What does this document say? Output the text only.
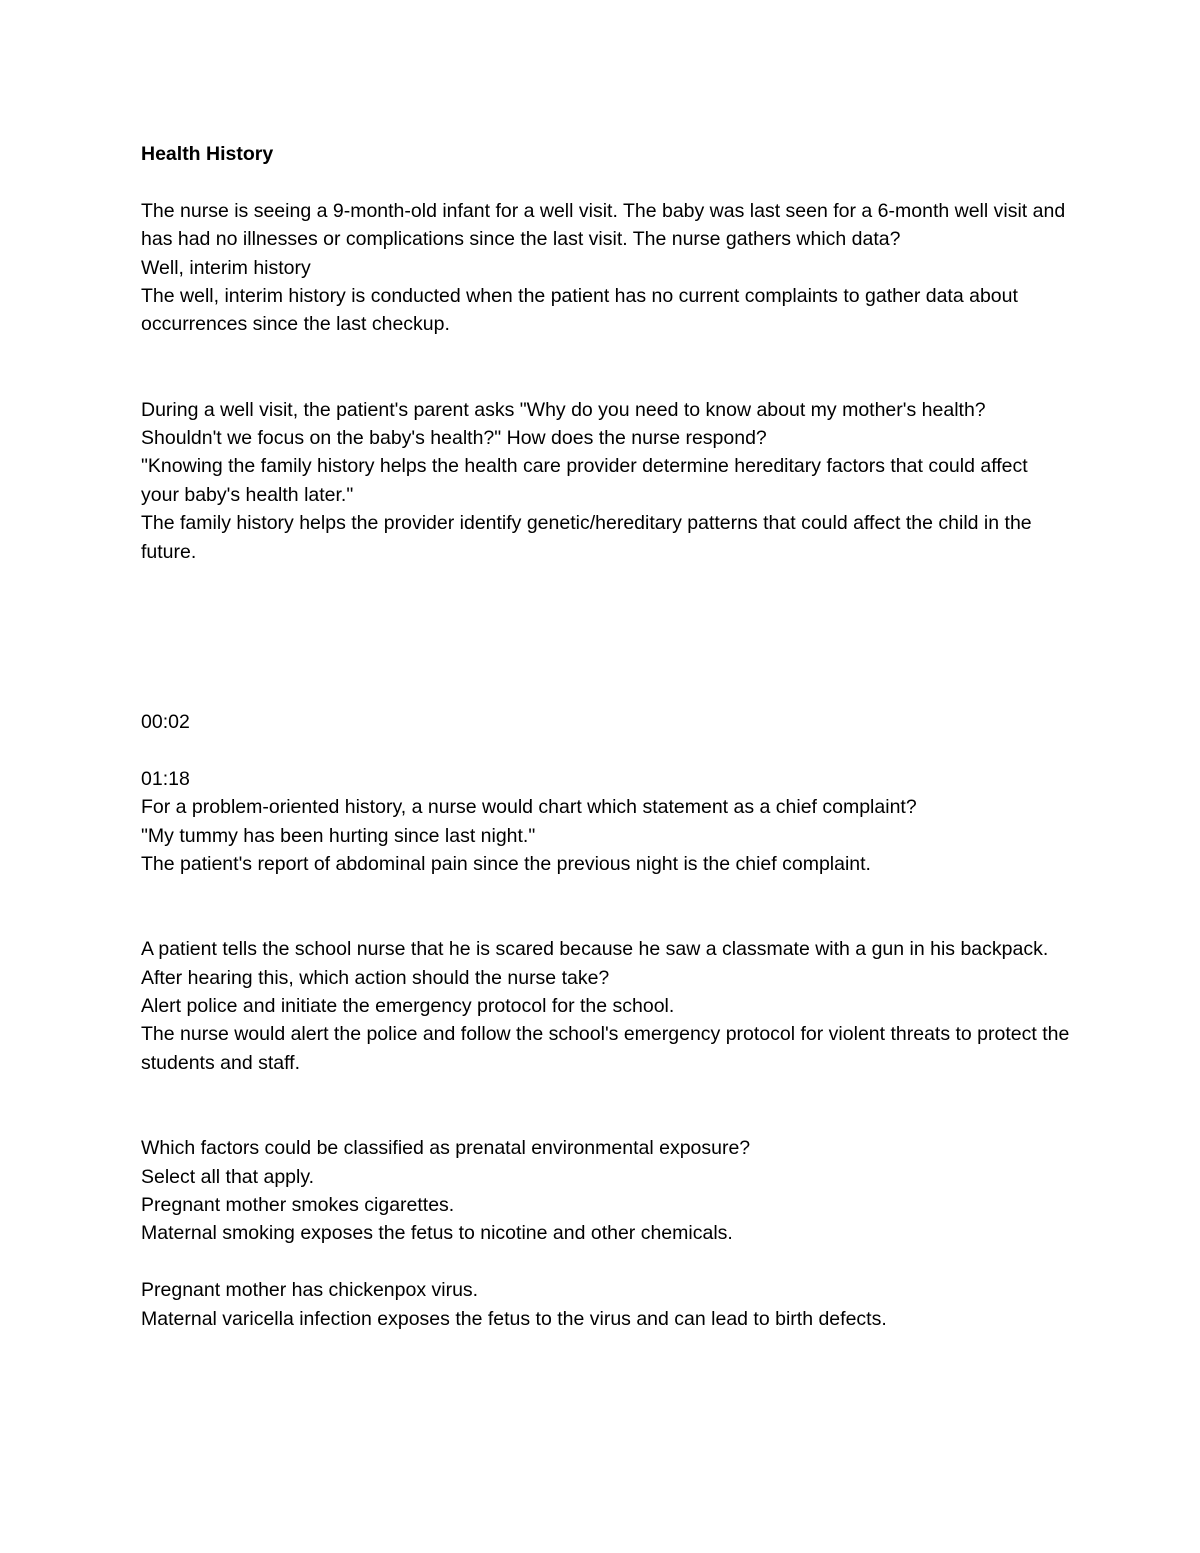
Health History

The nurse is seeing a 9-month-old infant for a well visit. The baby was last seen for a 6-month well visit and has had no illnesses or complications since the last visit. The nurse gathers which data?

Well, interim history

The well, interim history is conducted when the patient has no current complaints to gather data about occurrences since the last checkup.

During a well visit, the patient's parent asks "Why do you need to know about my mother's health? Shouldn't we focus on the baby's health?" How does the nurse respond?

"Knowing the family history helps the health care provider determine hereditary factors that could affect your baby's health later."

The family history helps the provider identify genetic/hereditary patterns that could affect the child in the future.

00:02

01:18

For a problem-oriented history, a nurse would chart which statement as a chief complaint?

"My tummy has been hurting since last night."

The patient's report of abdominal pain since the previous night is the chief complaint.

A patient tells the school nurse that he is scared because he saw a classmate with a gun in his backpack. After hearing this, which action should the nurse take?

Alert police and initiate the emergency protocol for the school.

The nurse would alert the police and follow the school's emergency protocol for violent threats to protect the students and staff.

Which factors could be classified as prenatal environmental exposure?

Select all that apply.

Pregnant mother smokes cigarettes.

Maternal smoking exposes the fetus to nicotine and other chemicals.

Pregnant mother has chickenpox virus.

Maternal varicella infection exposes the fetus to the virus and can lead to birth defects.
